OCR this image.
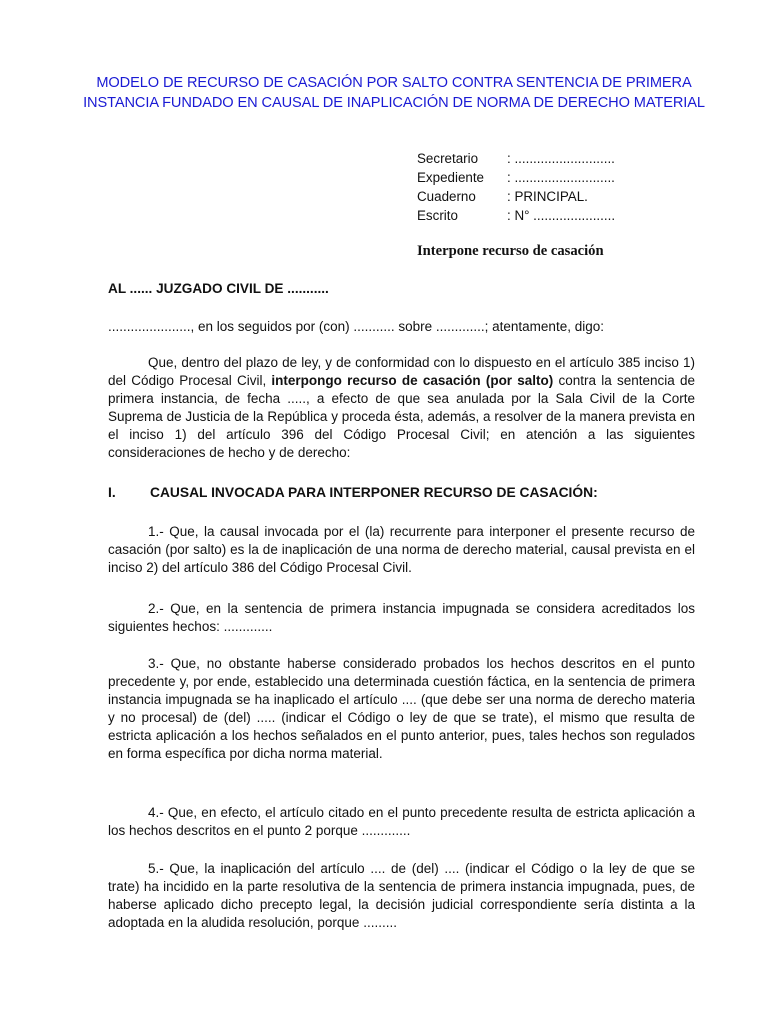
MODELO DE RECURSO DE CASACIÓN POR SALTO CONTRA SENTENCIA DE PRIMERA INSTANCIA FUNDADO EN CAUSAL DE INAPLICACIÓN DE NORMA DE DERECHO MATERIAL
Secretario	: ...........................
Expediente	: ...........................
Cuaderno	: PRINCIPAL.
Escrito	: N° ......................
Interpone recurso de casación
AL ...... JUZGADO CIVIL DE ...........

......................, en los seguidos por (con) ........... sobre .............; atentamente, digo:

Que, dentro del plazo de ley, y de conformidad con lo dispuesto en el artículo 385 inciso 1) del Código Procesal Civil, interpongo recurso de casación (por salto) contra la sentencia de primera instancia, de fecha ....., a efecto de que sea anulada por la Sala Civil de la Corte Suprema de Justicia de la República y proceda ésta, además, a resolver de la manera prevista en el inciso 1) del artículo 396 del Código Procesal Civil; en atención a las siguientes consideraciones de hecho y de derecho:

I. CAUSAL INVOCADA PARA INTERPONER RECURSO DE CASACIÓN:

1.- Que, la causal invocada por el (la) recurrente para interponer el presente recurso de casación (por salto) es la de inaplicación de una norma de derecho material, causal prevista en el inciso 2) del artículo 386 del Código Procesal Civil.

2.- Que, en la sentencia de primera instancia impugnada se considera acreditados los siguientes hechos: .............

3.- Que, no obstante haberse considerado probados los hechos descritos en el punto precedente y, por ende, establecido una determinada cuestión fáctica, en la sentencia de primera instancia impugnada se ha inaplicado el artículo .... (que debe ser una norma de derecho materia y no procesal) de (del) ..... (indicar el Código o ley de que se trate), el mismo que resulta de estricta aplicación a los hechos señalados en el punto anterior, pues, tales hechos son regulados en forma específica por dicha norma material.

4.- Que, en efecto, el artículo citado en el punto precedente resulta de estricta aplicación a los hechos descritos en el punto 2 porque .............

5.- Que, la inaplicación del artículo .... de (del) .... (indicar el Código o la ley de que se trate) ha incidido en la parte resolutiva de la sentencia de primera instancia impugnada, pues, de haberse aplicado dicho precepto legal, la decisión judicial correspondiente sería distinta a la adoptada en la aludida resolución, porque .........
